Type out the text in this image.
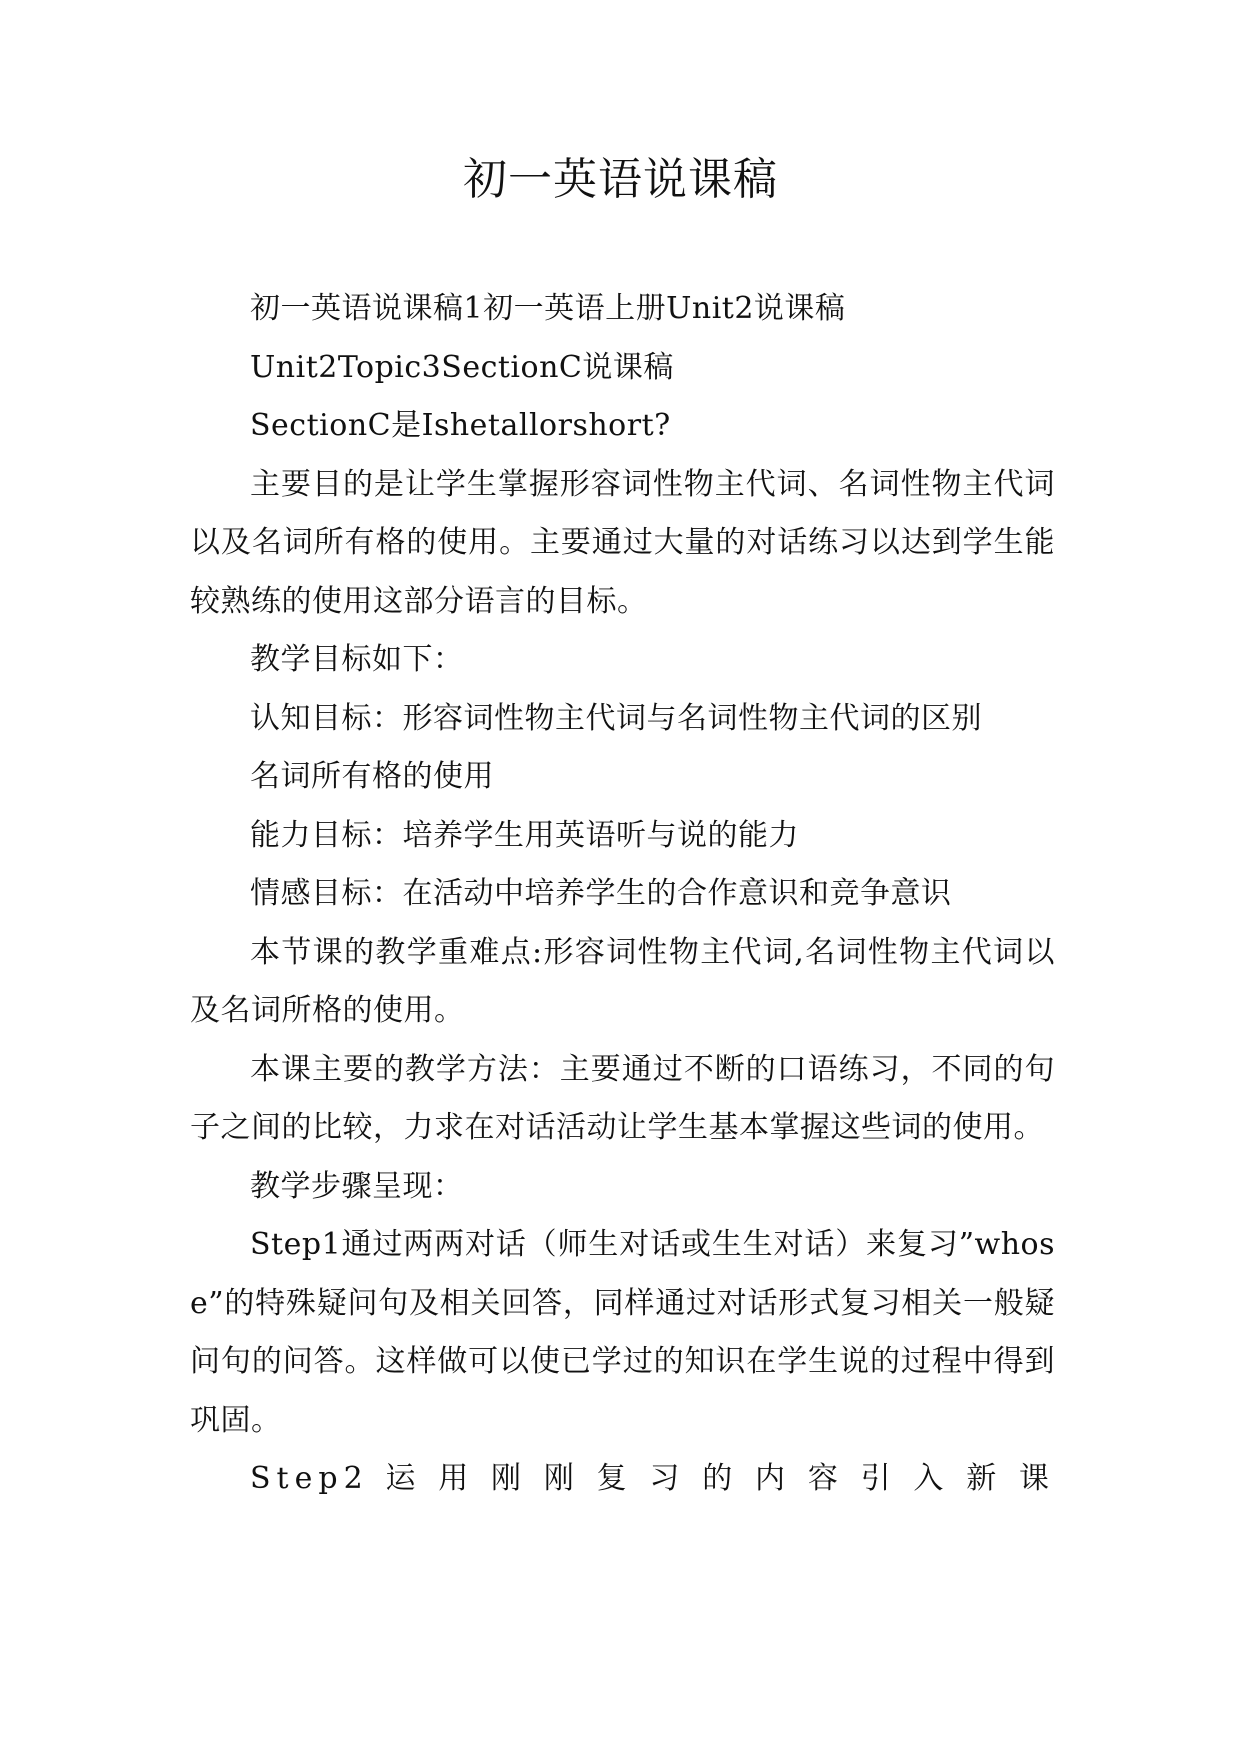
初一英语说课稿

初一英语说课稿1初一英语上册Unit2说课稿

Unit2Topic3SectionC说课稿

SectionC是Ishetallorshort?

主要目的是让学生掌握形容词性物主代词、名词性物主代词以及名词所有格的使用。主要通过大量的对话练习以达到学生能较熟练的使用这部分语言的目标。

教学目标如下：

认知目标：形容词性物主代词与名词性物主代词的区别

名词所有格的使用

能力目标：培养学生用英语听与说的能力

情感目标：在活动中培养学生的合作意识和竞争意识

本节课的教学重难点:形容词性物主代词,名词性物主代词以及名词所格的使用。

本课主要的教学方法：主要通过不断的口语练习，不同的句子之间的比较，力求在对话活动让学生基本掌握这些词的使用。

教学步骤呈现：

Step1通过两两对话（师生对话或生生对话）来复习”whose”的特殊疑问句及相关回答，同样通过对话形式复习相关一般疑问句的问答。这样做可以使已学过的知识在学生说的过程中得到巩固。

Step2运用刚刚复习的内容引入新课
